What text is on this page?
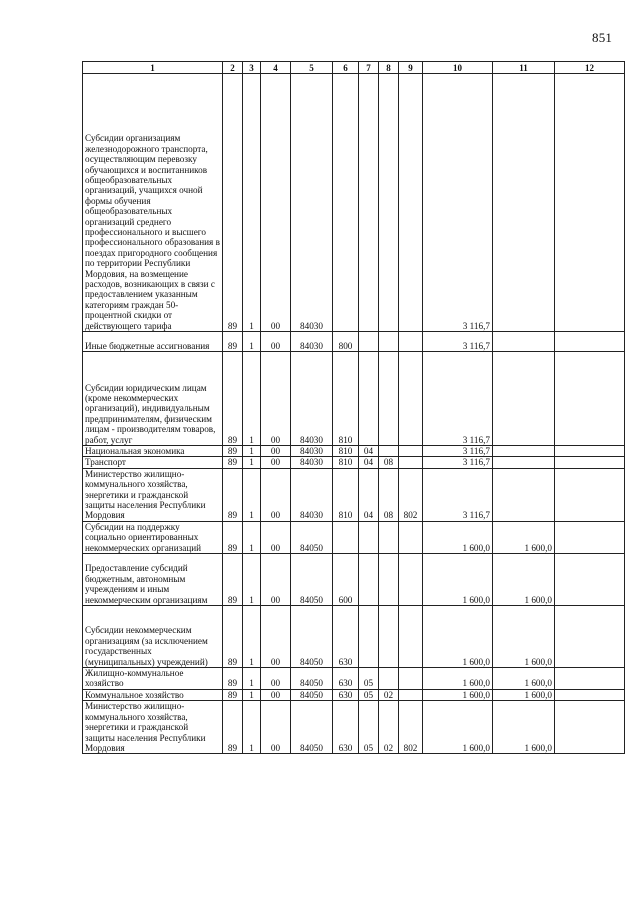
851
1	2	3	4	5	6	7	8	9	10	11	12
Субсидии организациям железнодорожного транспорта, осуществляющим перевозку обучающихся и воспитанников общеобразовательных организаций, учащихся очной формы обучения общеобразовательных организаций среднего профессионального и высшего профессионального образования в поездах пригородного сообщения по территории Республики Мордовия, на возмещение расходов, возникающих в связи с предоставлением указанным категориям граждан 50-процентной скидки от действующего тарифа	89	1	00	84030					3 116,7		
Иные бюджетные ассигнования	89	1	00	84030	800				3 116,7		
Субсидии юридическим лицам (кроме некоммерческих организаций), индивидуальным предпринимателям, физическим лицам - производителям товаров, работ, услуг	89	1	00	84030	810				3 116,7		
Национальная экономика	89	1	00	84030	810	04			3 116,7		
Транспорт	89	1	00	84030	810	04	08		3 116,7		
Министерство жилищно-коммунального хозяйства, энергетики и гражданской защиты населения Республики Мордовия	89	1	00	84030	810	04	08	802	3 116,7		
Субсидии на поддержку социально ориентированных некоммерческих организаций	89	1	00	84050					1 600,0	1 600,0	
Предоставление субсидий бюджетным, автономным учреждениям и иным некоммерческим организациям	89	1	00	84050	600				1 600,0	1 600,0	
Субсидии некоммерческим организациям (за исключением государственных (муниципальных) учреждений)	89	1	00	84050	630				1 600,0	1 600,0	
Жилищно-коммунальное хозяйство	89	1	00	84050	630	05			1 600,0	1 600,0	
Коммунальное хозяйство	89	1	00	84050	630	05	02		1 600,0	1 600,0	
Министерство жилищно-коммунального хозяйства, энергетики и гражданской защиты населения Республики Мордовия	89	1	00	84050	630	05	02	802	1 600,0	1 600,0	
